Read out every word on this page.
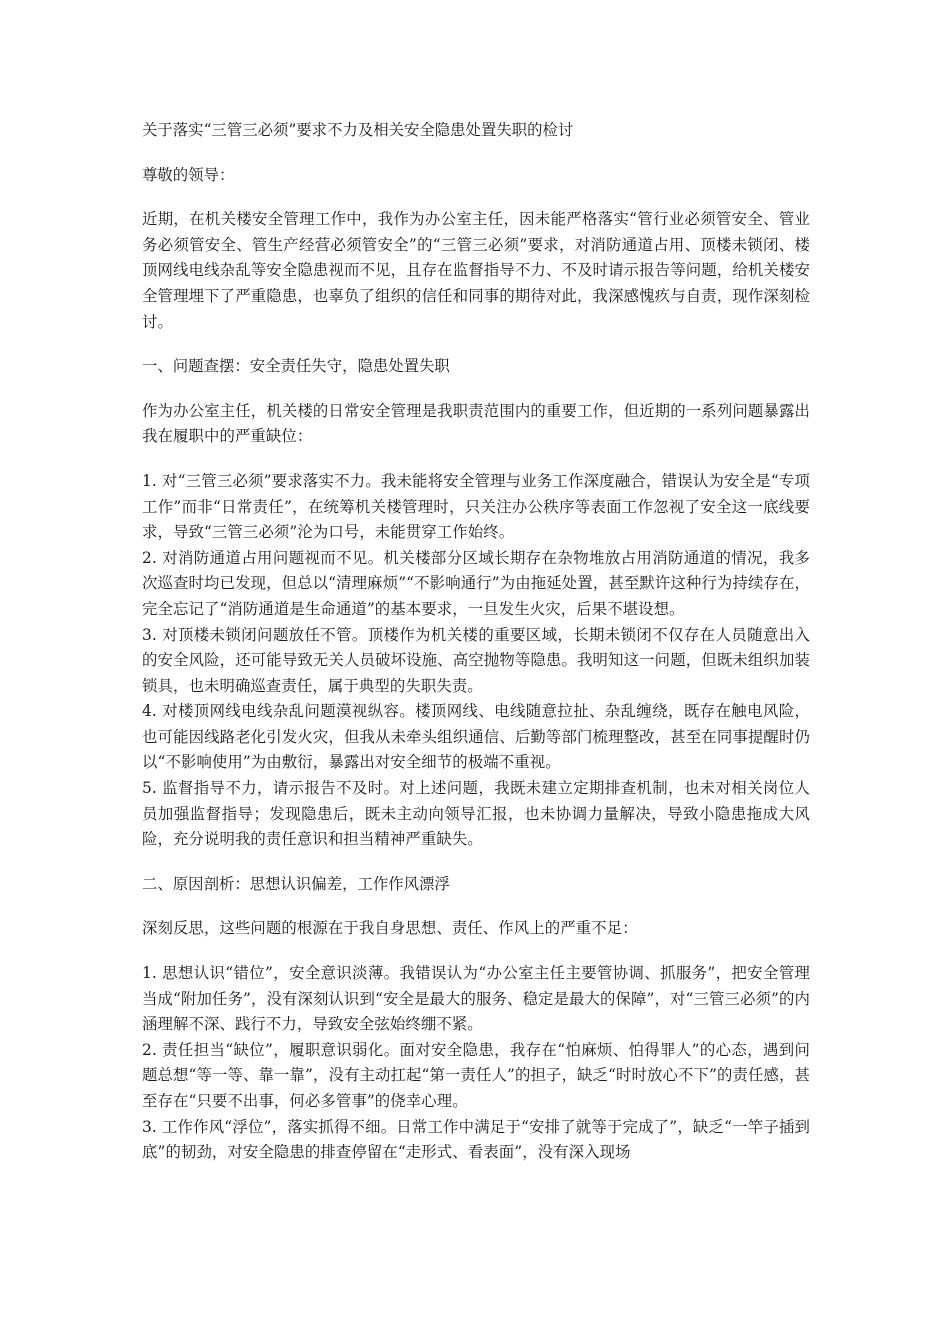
关于落实“三管三必须”要求不力及相关安全隐患处置失职的检讨

尊敬的领导：

近期，在机关楼安全管理工作中，我作为办公室主任，因未能严格落实“管行业必须管安全、管业务必须管安全、管生产经营必须管安全”的“三管三必须”要求，对消防通道占用、顶楼未锁闭、楼顶网线电线杂乱等安全隐患视而不见，且存在监督指导不力、不及时请示报告等问题，给机关楼安全管理埋下了严重隐患，也辜负了组织的信任和同事的期待对此，我深感愧疚与自责，现作深刻检讨。

一、问题查摆：安全责任失守，隐患处置失职

作为办公室主任，机关楼的日常安全管理是我职责范围内的重要工作，但近期的一系列问题暴露出我在履职中的严重缺位：

1. 对“三管三必须”要求落实不力。我未能将安全管理与业务工作深度融合，错误认为安全是“专项工作”而非“日常责任”，在统筹机关楼管理时，只关注办公秩序等表面工作忽视了安全这一底线要求，导致“三管三必须”沦为口号，未能贯穿工作始终。

2. 对消防通道占用问题视而不见。机关楼部分区域长期存在杂物堆放占用消防通道的情况，我多次巡查时均已发现，但总以“清理麻烦”“不影响通行”为由拖延处置，甚至默许这种行为持续存在，完全忘记了“消防通道是生命通道”的基本要求，一旦发生火灾，后果不堪设想。

3. 对顶楼未锁闭问题放任不管。顶楼作为机关楼的重要区域，长期未锁闭不仅存在人员随意出入的安全风险，还可能导致无关人员破坏设施、高空抛物等隐患。我明知这一问题，但既未组织加装锁具，也未明确巡查责任，属于典型的失职失责。

4. 对楼顶网线电线杂乱问题漠视纵容。楼顶网线、电线随意拉扯、杂乱缠绕，既存在触电风险，也可能因线路老化引发火灾，但我从未牵头组织通信、后勤等部门梳理整改，甚至在同事提醒时仍以“不影响使用”为由敷衍，暴露出对安全细节的极端不重视。

5. 监督指导不力，请示报告不及时。对上述问题，我既未建立定期排查机制，也未对相关岗位人员加强监督指导；发现隐患后，既未主动向领导汇报，也未协调力量解决，导致小隐患拖成大风险，充分说明我的责任意识和担当精神严重缺失。

二、原因剖析：思想认识偏差，工作作风漂浮

深刻反思，这些问题的根源在于我自身思想、责任、作风上的严重不足：

1. 思想认识“错位”，安全意识淡薄。我错误认为“办公室主任主要管协调、抓服务”，把安全管理当成“附加任务”，没有深刻认识到“安全是最大的服务、稳定是最大的保障”，对“三管三必须”的内涵理解不深、践行不力，导致安全弦始终绷不紧。

2. 责任担当“缺位”，履职意识弱化。面对安全隐患，我存在“怕麻烦、怕得罪人”的心态，遇到问题总想“等一等、靠一靠”，没有主动扛起“第一责任人”的担子，缺乏“时时放心不下”的责任感，甚至存在“只要不出事，何必多管事”的侥幸心理。

3. 工作作风“浮位”，落实抓得不细。日常工作中满足于“安排了就等于完成了”，缺乏“一竿子插到底”的韧劲，对安全隐患的排查停留在“走形式、看表面”，没有深入现场
